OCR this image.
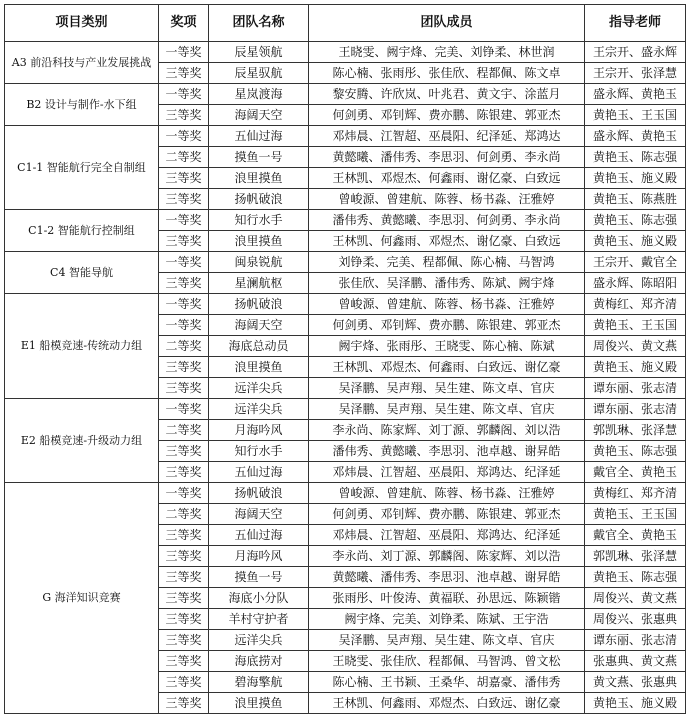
项目类别	奖项	团队名称	团队成员	指导老师
A3 前沿科技与产业发展挑战	一等奖	辰星领航	王晓雯、阙宇烽、完美、刘铮柔、林世润	王宗开、盛永辉
	三等奖	辰星驭航	陈心楠、张雨彤、张佳欣、程都佩、陈文卓	王宗开、张泽慧
B2 设计与制作-水下组	一等奖	星岚渡海	黎安腾、许欣岚、叶兆君、黄文宇、涂蓝月	盛永辉、黄艳玉
	三等奖	海阔天空	何剑勇、邓钊辉、费亦鹏、陈银建、郭亚杰	黄艳玉、王玉国
C1-1 智能航行完全自制组	一等奖	五仙过海	邓炜晨、江智超、巫晨阳、纪泽延、郑鸿达	盛永辉、黄艳玉
	二等奖	摸鱼一号	黄懿曦、潘伟秀、李思羽、何剑勇、李永尚	黄艳玉、陈志强
	三等奖	浪里摸鱼	王林凯、邓煜杰、何鑫雨、谢亿豪、白致远	黄艳玉、施义殿
	三等奖	扬帆破浪	曾峻源、曾建航、陈蓉、杨书淼、汪雅婷	黄艳玉、陈燕胜
C1-2 智能航行控制组	一等奖	知行水手	潘伟秀、黄懿曦、李思羽、何剑勇、李永尚	黄艳玉、陈志强
	三等奖	浪里摸鱼	王林凯、何鑫雨、邓煜杰、谢亿豪、白致远	黄艳玉、施义殿
C4 智能导航	一等奖	闽泉锐航	刘铮柔、完美、程都佩、陈心楠、马智鸿	王宗开、戴官全
	三等奖	星澜航枢	张佳欣、吴泽鹏、潘伟秀、陈斌、阙宇烽	盛永辉、陈昭阳
E1 船模竞速-传统动力组	一等奖	扬帆破浪	曾峻源、曾建航、陈蓉、杨书淼、汪雅婷	黄梅红、郑齐清
	一等奖	海阔天空	何剑勇、邓钊辉、费亦鹏、陈银建、郭亚杰	黄艳玉、王玉国
	二等奖	海底总动员	阙宇烽、张雨彤、王晓雯、陈心楠、陈斌	周俊兴、黄文燕
	三等奖	浪里摸鱼	王林凯、邓煜杰、何鑫雨、白致远、谢亿豪	黄艳玉、施义殿
	三等奖	远洋尖兵	吴泽鹏、吴声翔、吴生建、陈文卓、官庆	谭东丽、张志清
E2 船模竞速-升级动力组	一等奖	远洋尖兵	吴泽鹏、吴声翔、吴生建、陈文卓、官庆	谭东丽、张志清
	二等奖	月海吟风	李永尚、陈家辉、刘丁源、郭麟阁、刘以浩	郭凯琳、张泽慧
	三等奖	知行水手	潘伟秀、黄懿曦、李思羽、池卓越、谢昇皓	黄艳玉、陈志强
	三等奖	五仙过海	邓炜晨、江智超、巫晨阳、郑鸿达、纪泽延	戴官全、黄艳玉
G 海洋知识竞赛	一等奖	扬帆破浪	曾峻源、曾建航、陈蓉、杨书淼、汪雅婷	黄梅红、郑齐清
	二等奖	海阔天空	何剑勇、邓钊辉、费亦鹏、陈银建、郭亚杰	黄艳玉、王玉国
	三等奖	五仙过海	邓炜晨、江智超、巫晨阳、郑鸿达、纪泽延	戴官全、黄艳玉
	三等奖	月海吟风	李永尚、刘丁源、郭麟阁、陈家辉、刘以浩	郭凯琳、张泽慧
	三等奖	摸鱼一号	黄懿曦、潘伟秀、李思羽、池卓越、谢昇皓	黄艳玉、陈志强
	三等奖	海底小分队	张雨彤、叶俊涛、黄福联、孙思远、陈颖锴	周俊兴、黄文燕
	三等奖	羊村守护者	阙宇烽、完美、刘铮柔、陈斌、王宇浩	周俊兴、张惠典
	三等奖	远洋尖兵	吴泽鹏、吴声翔、吴生建、陈文卓、官庆	谭东丽、张志清
	三等奖	海底捞对	王晓雯、张佳欣、程都佩、马智鸿、曾文松	张惠典、黄文燕
	三等奖	碧海擎航	陈心楠、王书颖、王桑华、胡嘉豪、潘伟秀	黄文燕、张惠典
	三等奖	浪里摸鱼	王林凯、何鑫雨、邓煜杰、白致远、谢亿豪	黄艳玉、施义殿
